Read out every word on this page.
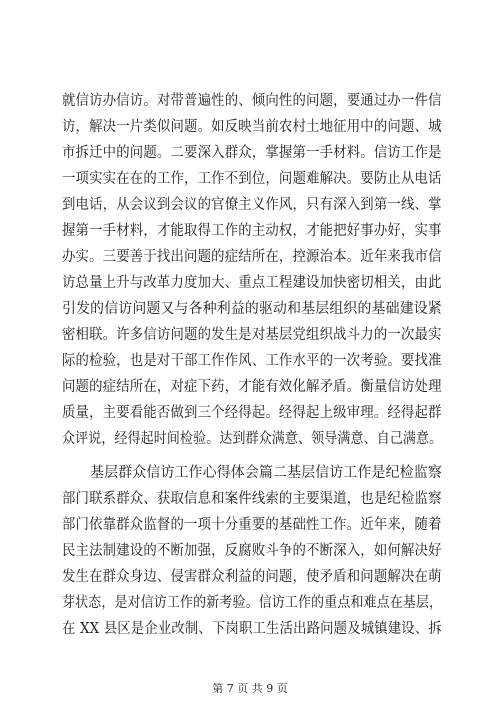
就信访办信访。对带普遍性的、倾向性的问题，要通过办一件信
访，解决一片类似问题。如反映当前农村土地征用中的问题、城
市拆迁中的问题。二要深入群众，掌握第一手材料。信访工作是
一项实实在在的工作，工作不到位，问题难解决。要防止从电话
到电话，从会议到会议的官僚主义作风，只有深入到第一线、掌
握第一手材料，才能取得工作的主动权，才能把好事办好，实事
办实。三要善于找出问题的症结所在，控源治本。近年来我市信
访总量上升与改革力度加大、重点工程建设加快密切相关，由此
引发的信访问题又与各种利益的驱动和基层组织的基础建设紧
密相联。许多信访问题的发生是对基层党组织战斗力的一次最实
际的检验，也是对干部工作作风、工作水平的一次考验。要找准
问题的症结所在，对症下药，才能有效化解矛盾。衡量信访处理
质量，主要看能否做到三个经得起。经得起上级审理。经得起群
众评说，经得起时间检验。达到群众满意、领导满意、自己满意。
　　基层群众信访工作心得体会篇二基层信访工作是纪检监察
部门联系群众、获取信息和案件线索的主要渠道，也是纪检监察
部门依靠群众监督的一项十分重要的基础性工作。近年来，随着
民主法制建设的不断加强，反腐败斗争的不断深入，如何解决好
发生在群众身边、侵害群众利益的问题，使矛盾和问题解决在萌
芽状态，是对信访工作的新考验。信访工作的重点和难点在基层，
在 XX 县区是企业改制、下岗职工生活出路问题及城镇建设、拆
第 7 页 共 9 页
